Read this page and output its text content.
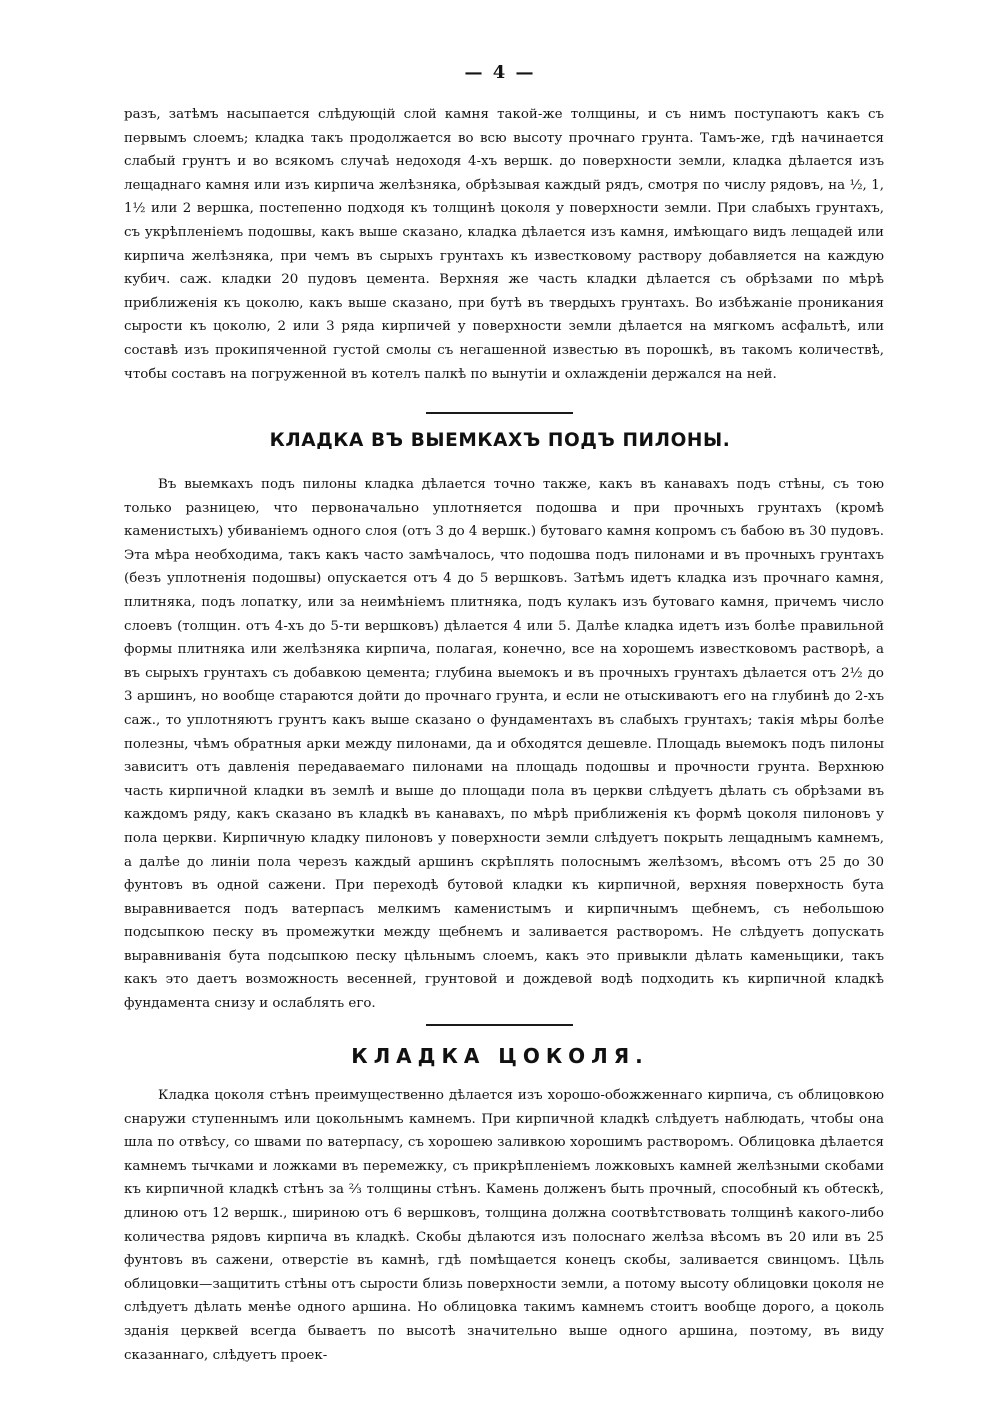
— 4 —

разъ, затѣмъ насыпается слѣдующій слой камня такой-же толщины, и съ нимъ поступаютъ какъ съ первымъ слоемъ; кладка такъ продолжается во всю высоту прочнаго грунта. Тамъ-же, гдѣ начинается слабый грунтъ и во всякомъ случаѣ недоходя 4-хъ вершк. до поверхности земли, кладка дѣлается изъ лещаднаго камня или изъ кирпича желѣзняка, обрѣзывая каждый рядъ, смотря по числу рядовъ, на ½, 1, 1½ или 2 вершка, постепенно подходя къ толщинѣ цоколя у поверхности земли. При слабыхъ грунтахъ, съ укрѣпленіемъ подошвы, какъ выше сказано, кладка дѣлается изъ камня, имѣющаго видъ лещадей или кирпича желѣзняка, при чемъ въ сырыхъ грунтахъ къ известковому раствору добавляется на каждую кубич. саж. кладки 20 пудовъ цемента. Верхняя же часть кладки дѣлается съ обрѣзами по мѣрѣ приближенія къ цоколю, какъ выше сказано, при бутѣ въ твердыхъ грунтахъ. Во избѣжаніе проникания сырости къ цоколю, 2 или 3 ряда кирпичей у поверхности земли дѣлается на мягкомъ асфальтѣ, или составѣ изъ прокипяченной густой смолы съ негашенной известью въ порошкѣ, въ такомъ количествѣ, чтобы составъ на погруженной въ котелъ палкѣ по вынутіи и охлажденіи держался на ней.

КЛАДКА ВЪ ВЫЕМКАХЪ ПОДЪ ПИЛОНЫ.

Въ выемкахъ подъ пилоны кладка дѣлается точно также, какъ въ канавахъ подъ стѣны, съ тою только разницею, что первоначально уплотняется подошва и при прочныхъ грунтахъ (кромѣ каменистыхъ) убиваніемъ одного слоя (отъ 3 до 4 вершк.) бутоваго камня копромъ съ бабою въ 30 пудовъ. Эта мѣра необходима, такъ какъ часто замѣчалось, что подошва подъ пилонами и въ прочныхъ грунтахъ (безъ уплотненія подошвы) опускается отъ 4 до 5 вершковъ. Затѣмъ идетъ кладка изъ прочнаго камня, плитняка, подъ лопатку, или за неимѣніемъ плитняка, подъ кулакъ изъ бутоваго камня, причемъ число слоевъ (толщин. отъ 4-хъ до 5-ти вершковъ) дѣлается 4 или 5. Далѣе кладка идетъ изъ болѣе правильной формы плитняка или желѣзняка кирпича, полагая, конечно, все на хорошемъ известковомъ растворѣ, а въ сырыхъ грунтахъ съ добавкою цемента; глубина выемокъ и въ прочныхъ грунтахъ дѣлается отъ 2½ до 3 аршинъ, но вообще стараются дойти до прочнаго грунта, и если не отыскиваютъ его на глубинѣ до 2-хъ саж., то уплотняютъ грунтъ какъ выше сказано о фундаментахъ въ слабыхъ грунтахъ; такія мѣры болѣе полезны, чѣмъ обратныя арки между пилонами, да и обходятся дешевле. Площадь выемокъ подъ пилоны зависитъ отъ давленія передаваемаго пилонами на площадь подошвы и прочности грунта. Верхнюю часть кирпичной кладки въ землѣ и выше до площади пола въ церкви слѣдуетъ дѣлать съ обрѣзами въ каждомъ ряду, какъ сказано въ кладкѣ въ канавахъ, по мѣрѣ приближенія къ формѣ цоколя пилоновъ у пола церкви. Кирпичную кладку пилоновъ у поверхности земли слѣдуетъ покрыть лещаднымъ камнемъ, а далѣе до линіи пола черезъ каждый аршинъ скрѣплять полоснымъ желѣзомъ, вѣсомъ отъ 25 до 30 фунтовъ въ одной сажени. При переходѣ бутовой кладки къ кирпичной, верхняя поверхность бута выравнивается подъ ватерпасъ мелкимъ каменистымъ и кирпичнымъ щебнемъ, съ небольшою подсыпкою песку въ промежутки между щебнемъ и заливается растворомъ. Не слѣдуетъ допускать выравниванія бута подсыпкою песку цѣльнымъ слоемъ, какъ это привыкли дѣлать каменьщики, такъ какъ это даетъ возможность весенней, грунтовой и дождевой водѣ подходить къ кирпичной кладкѣ фундамента снизу и ослаблять его.

КЛАДКА ЦОКОЛЯ.

Кладка цоколя стѣнъ преимущественно дѣлается изъ хорошо-обожженнаго кирпича, съ облицовкою снаружи ступеннымъ или цокольнымъ камнемъ. При кирпичной кладкѣ слѣдуетъ наблюдать, чтобы она шла по отвѣсу, со швами по ватерпасу, съ хорошею заливкою хорошимъ растворомъ. Облицовка дѣлается камнемъ тычками и ложками въ перемежку, съ прикрѣпленіемъ ложковыхъ камней желѣзными скобами къ кирпичной кладкѣ стѣнъ за ⅔ толщины стѣнъ. Камень долженъ быть прочный, способный къ обтескѣ, длиною отъ 12 вершк., шириною отъ 6 вершковъ, толщина должна соотвѣтствовать толщинѣ какого-либо количества рядовъ кирпича въ кладкѣ. Скобы дѣлаются изъ полоснаго желѣза вѣсомъ въ 20 или въ 25 фунтовъ въ сажени, отверстіе въ камнѣ, гдѣ помѣщается конецъ скобы, заливается свинцомъ. Цѣль облицовки—защитить стѣны отъ сырости близь поверхности земли, а потому высоту облицовки цоколя не слѣдуетъ дѣлать менѣе одного аршина. Но облицовка такимъ камнемъ стоитъ вообще дорого, а цоколь зданія церквей всегда бываетъ по высотѣ значительно выше одного аршина, поэтому, въ виду сказаннаго, слѣдуетъ проек-
